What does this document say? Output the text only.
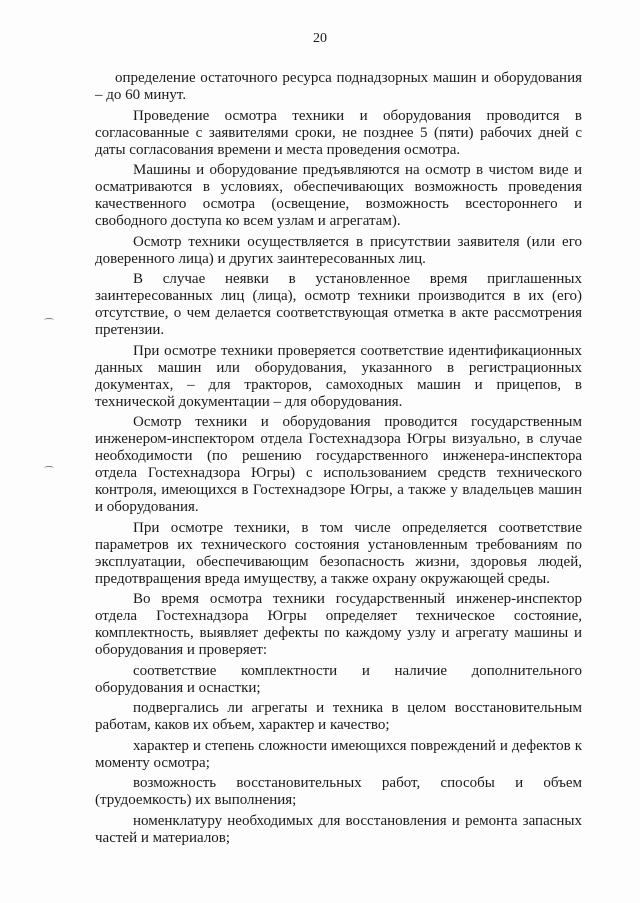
20

определение остаточного ресурса поднадзорных машин и оборудования – до 60 минут.

Проведение осмотра техники и оборудования проводится в согласованные с заявителями сроки, не позднее 5 (пяти) рабочих дней с даты согласования времени и места проведения осмотра.

Машины и оборудование предъявляются на осмотр в чистом виде и осматриваются в условиях, обеспечивающих возможность проведения качественного осмотра (освещение, возможность всестороннего и свободного доступа ко всем узлам и агрегатам).

Осмотр техники осуществляется в присутствии заявителя (или его доверенного лица) и других заинтересованных лиц.

В случае неявки в установленное время приглашенных заинтересованных лиц (лица), осмотр техники производится в их (его) отсутствие, о чем делается соответствующая отметка в акте рассмотрения претензии.

При осмотре техники проверяется соответствие идентификационных данных машин или оборудования, указанного в регистрационных документах, – для тракторов, самоходных машин и прицепов, в технической документации – для оборудования.

Осмотр техники и оборудования проводится государственным инженером-инспектором отдела Гостехнадзора Югры визуально, в случае необходимости (по решению государственного инженера-инспектора отдела Гостехнадзора Югры) с использованием средств технического контроля, имеющихся в Гостехнадзоре Югры, а также у владельцев машин и оборудования.

При осмотре техники, в том числе определяется соответствие параметров их технического состояния установленным требованиям по эксплуатации, обеспечивающим безопасность жизни, здоровья людей, предотвращения вреда имуществу, а также охрану окружающей среды.

Во время осмотра техники государственный инженер-инспектор отдела Гостехнадзора Югры определяет техническое состояние, комплектность, выявляет дефекты по каждому узлу и агрегату машины и оборудования и проверяет:

соответствие комплектности и наличие дополнительного оборудования и оснастки;

подвергались ли агрегаты и техника в целом восстановительным работам, каков их объем, характер и качество;

характер и степень сложности имеющихся повреждений и дефектов к моменту осмотра;

возможность восстановительных работ, способы и объем (трудоемкость) их выполнения;

номенклатуру необходимых для восстановления и ремонта запасных частей и материалов;
